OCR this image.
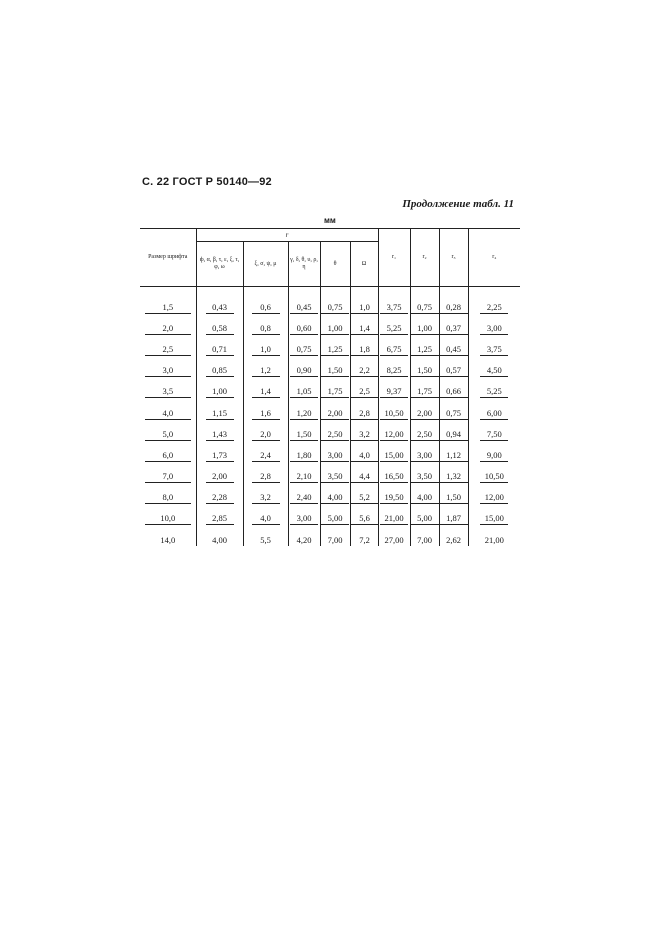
С. 22 ГОСТ Р 50140—92
Продолжение табл. 11
мм
Размер шрифта	r					r₁	r₂	r₃	r₄
	ф, α, β, τ, ε, ξ, τ, φ, ω	ξ, σ, ψ, μ	γ, δ, θ, υ, ρ, η	θ	Ω				

1,5	0,43	0,6	0,45	0,75	1,0	3,75	0,75	0,28	2,25
2,0	0,58	0,8	0,60	1,00	1,4	5,25	1,00	0,37	3,00
2,5	0,71	1,0	0,75	1,25	1,8	6,75	1,25	0,45	3,75
3,0	0,85	1,2	0,90	1,50	2,2	8,25	1,50	0,57	4,50
3,5	1,00	1,4	1,05	1,75	2,5	9,37	1,75	0,66	5,25
4,0	1,15	1,6	1,20	2,00	2,8	10,50	2,00	0,75	6,00
5,0	1,43	2,0	1,50	2,50	3,2	12,00	2,50	0,94	7,50
6,0	1,73	2,4	1,80	3,00	4,0	15,00	3,00	1,12	9,00
7,0	2,00	2,8	2,10	3,50	4,4	16,50	3,50	1,32	10,50
8,0	2,28	3,2	2,40	4,00	5,2	19,50	4,00	1,50	12,00
10,0	2,85	4,0	3,00	5,00	5,6	21,00	5,00	1,87	15,00
14,0	4,00	5,5	4,20	7,00	7,2	27,00	7,00	2,62	21,00
